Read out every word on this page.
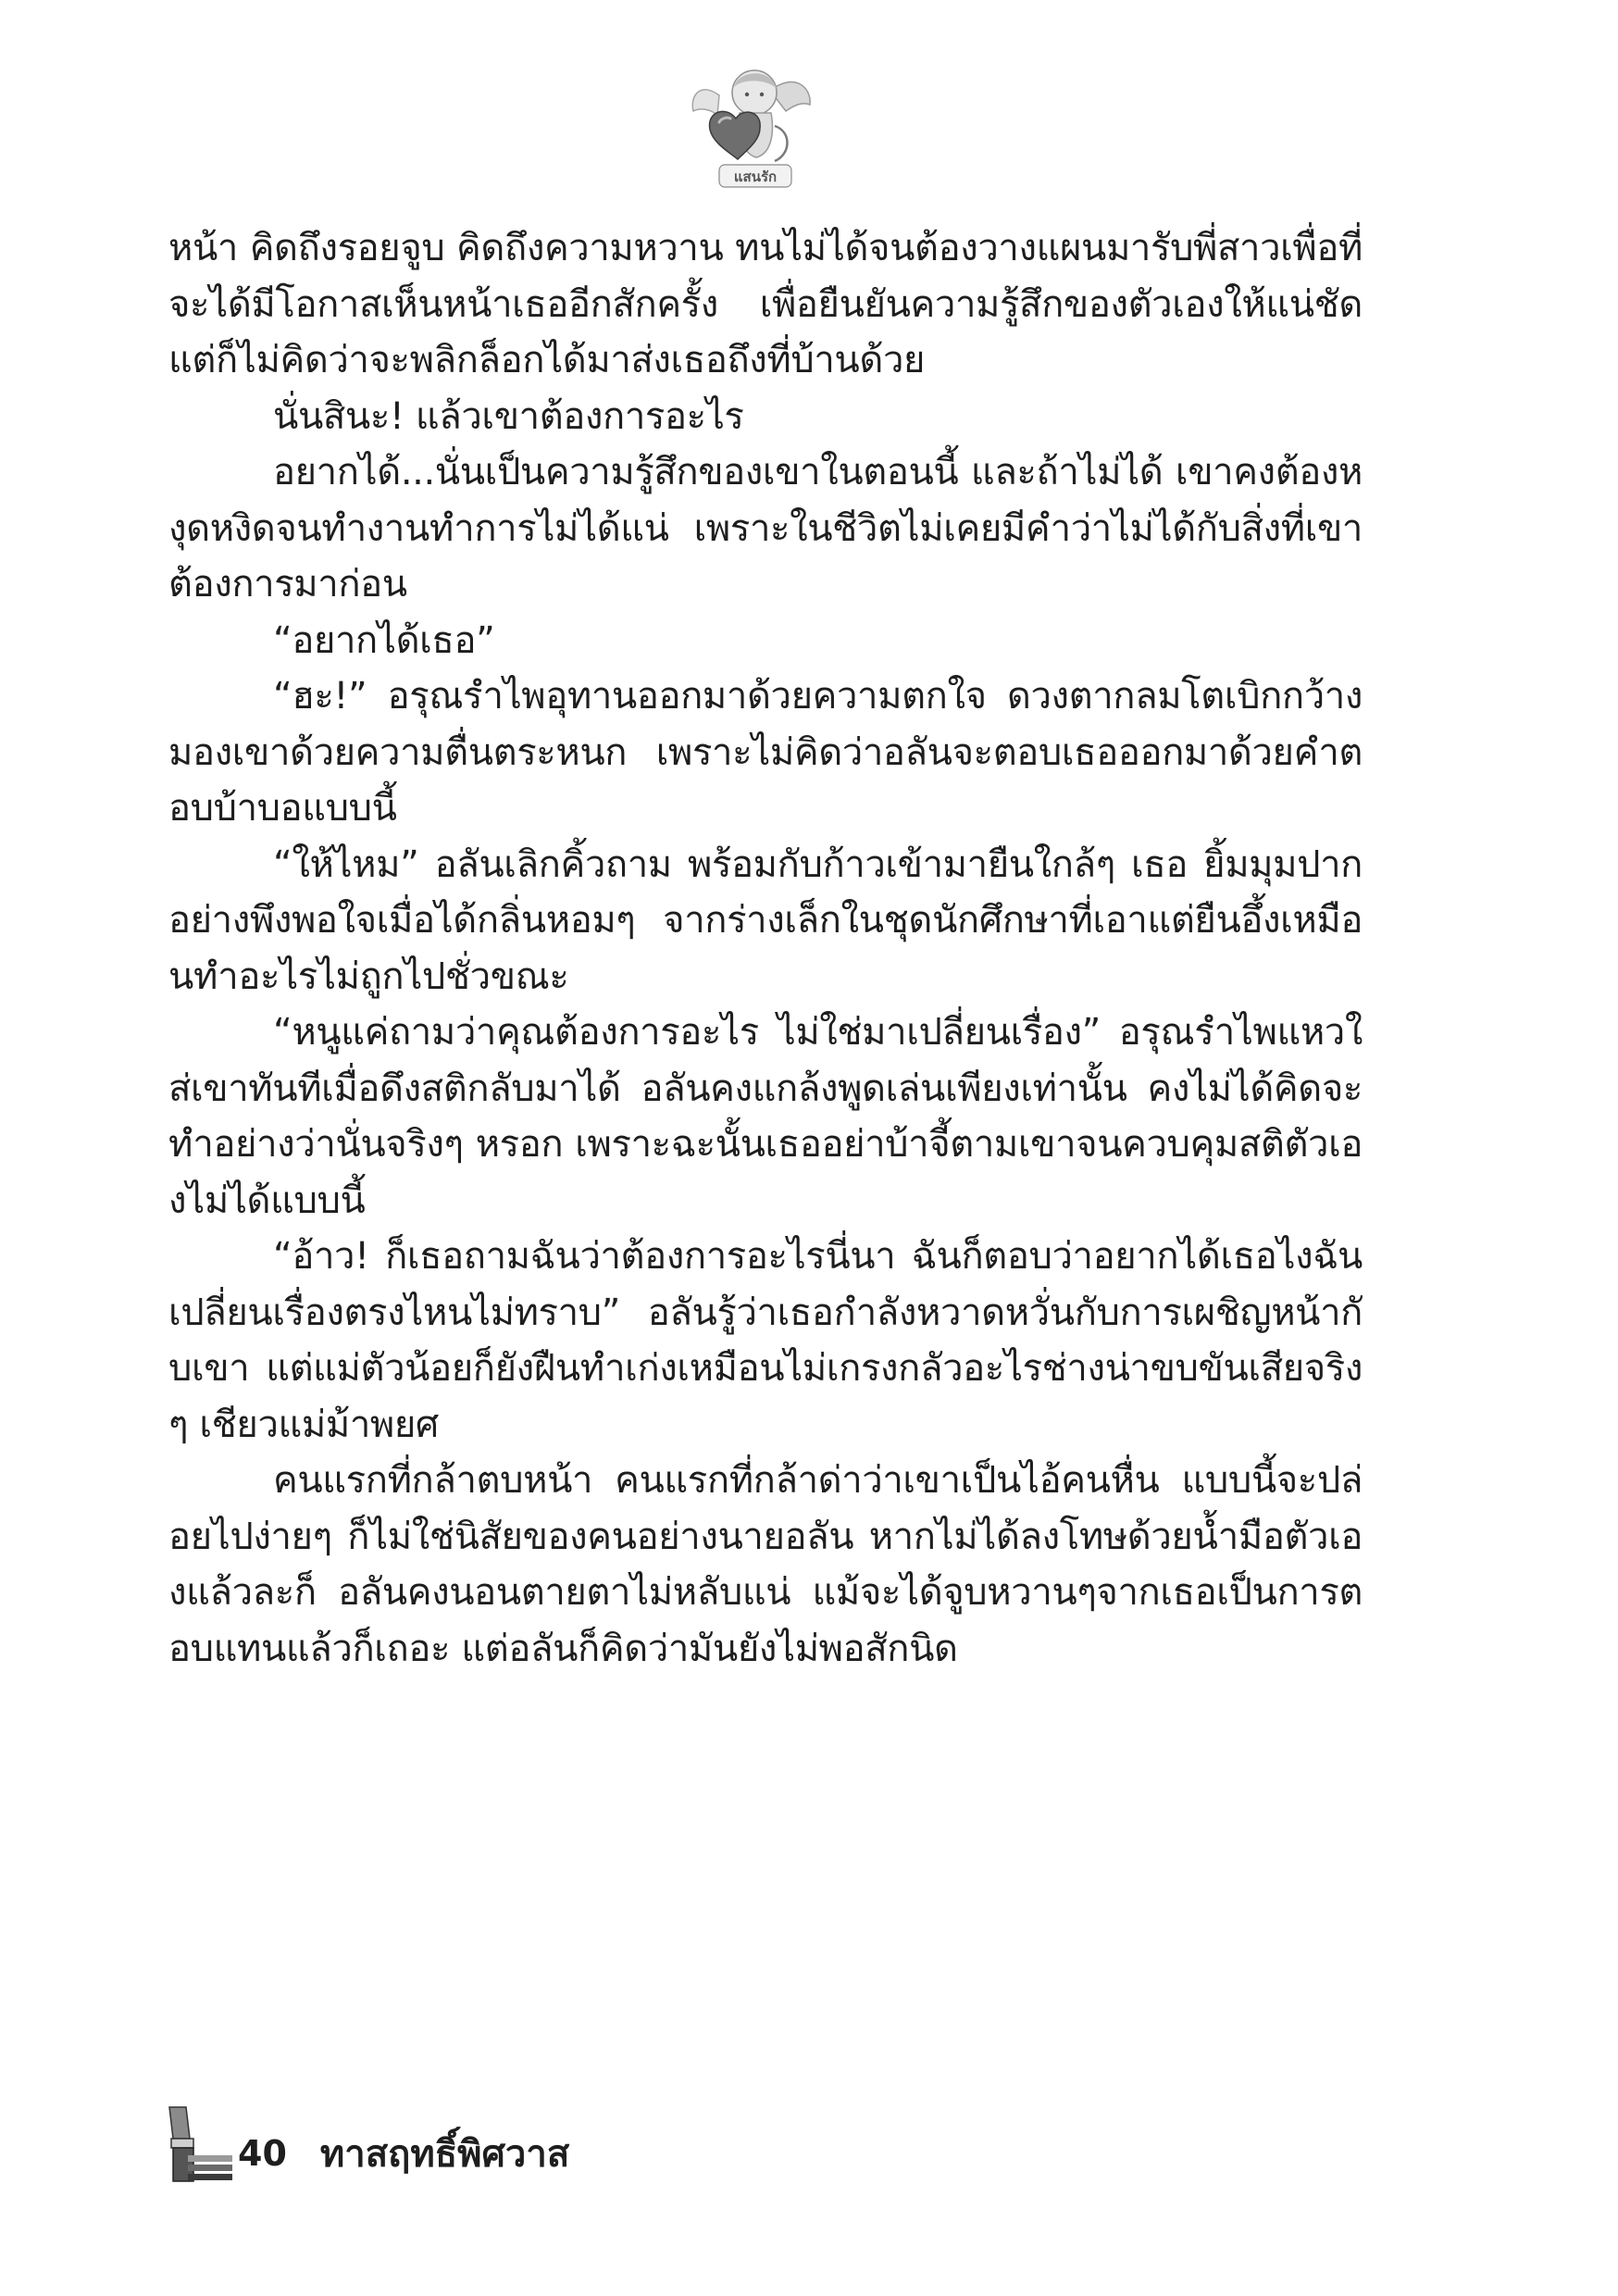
แสนรัก

หน้า คิดถึงรอยจูบ คิดถึงความหวาน ทนไม่ได้จนต้องวางแผนมารับพี่สาวเพื่อที่จะได้มีโอกาสเห็นหน้าเธออีกสักครั้ง เพื่อยืนยันความรู้สึกของตัวเองให้แน่ชัด แต่ก็ไม่คิดว่าจะพลิกล็อกได้มาส่งเธอถึงที่บ้านด้วย

นั่นสินะ! แล้วเขาต้องการอะไร

อยากได้...นั่นเป็นความรู้สึกของเขาในตอนนี้ และถ้าไม่ได้ เขาคงต้องหงุดหงิดจนทำงานทำการไม่ได้แน่ เพราะในชีวิตไม่เคยมีคำว่าไม่ได้กับสิ่งที่เขาต้องการมาก่อน

“อยากได้เธอ”

“ฮะ!” อรุณรำไพอุทานออกมาด้วยความตกใจ ดวงตากลมโตเบิกกว้างมองเขาด้วยความตื่นตระหนก เพราะไม่คิดว่าอลันจะตอบเธอออกมาด้วยคำตอบบ้าบอแบบนี้

“ให้ไหม” อลันเลิกคิ้วถาม พร้อมกับก้าวเข้ามายืนใกล้ๆ เธอ ยิ้มมุมปากอย่างพึงพอใจเมื่อได้กลิ่นหอมๆ จากร่างเล็กในชุดนักศึกษาที่เอาแต่ยืนอึ้งเหมือนทำอะไรไม่ถูกไปชั่วขณะ

“หนูแค่ถามว่าคุณต้องการอะไร ไม่ใช่มาเปลี่ยนเรื่อง” อรุณรำไพแหวใส่เขาทันทีเมื่อดึงสติกลับมาได้ อลันคงแกล้งพูดเล่นเพียงเท่านั้น คงไม่ได้คิดจะทำอย่างว่านั่นจริงๆ หรอก เพราะฉะนั้นเธออย่าบ้าจี้ตามเขาจนควบคุมสติตัวเองไม่ได้แบบนี้

“อ้าว! ก็เธอถามฉันว่าต้องการอะไรนี่นา ฉันก็ตอบว่าอยากได้เธอไงฉันเปลี่ยนเรื่องตรงไหนไม่ทราบ” อลันรู้ว่าเธอกำลังหวาดหวั่นกับการเผชิญหน้ากับเขา แต่แม่ตัวน้อยก็ยังฝืนทำเก่งเหมือนไม่เกรงกลัวอะไรช่างน่าขบขันเสียจริงๆ เชียวแม่ม้าพยศ

คนแรกที่กล้าตบหน้า คนแรกที่กล้าด่าว่าเขาเป็นไอ้คนหื่น แบบนี้จะปล่อยไปง่ายๆ ก็ไม่ใช่นิสัยของคนอย่างนายอลัน หากไม่ได้ลงโทษด้วยน้ำมือตัวเองแล้วละก็ อลันคงนอนตายตาไม่หลับแน่ แม้จะได้จูบหวานๆจากเธอเป็นการตอบแทนแล้วก็เถอะ แต่อลันก็คิดว่ามันยังไม่พอสักนิด

40 ทาสฤทธิ์พิศวาส
